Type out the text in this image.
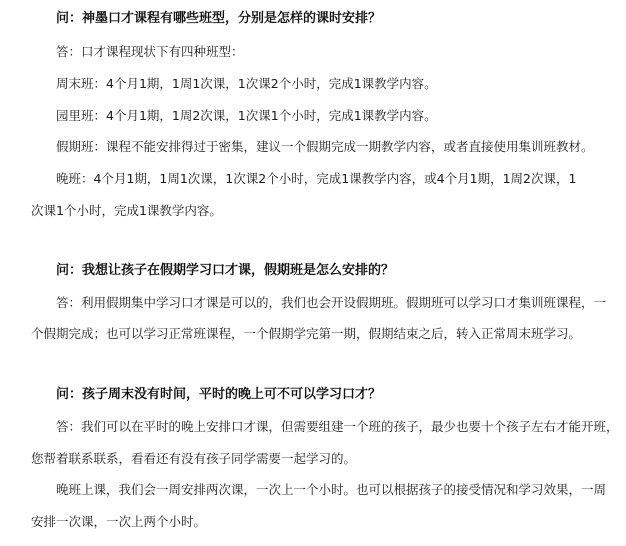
问：神墨口才课程有哪些班型，分别是怎样的课时安排？
答：口才课程现状下有四种班型：
周末班：4个月1期，1周1次课，1次课2个小时，完成1课教学内容。
园里班：4个月1期，1周2次课，1次课1个小时，完成1课教学内容。
假期班：课程不能安排得过于密集，建议一个假期完成一期教学内容，或者直接使用集训班教材。
晚班：4个月1期，1周1次课，1次课2个小时，完成1课教学内容，或4个月1期，1周2次课，1
次课1个小时，完成1课教学内容。
问：我想让孩子在假期学习口才课，假期班是怎么安排的？
答：利用假期集中学习口才课是可以的，我们也会开设假期班。假期班可以学习口才集训班课程，一
个假期完成；也可以学习正常班课程，一个假期学完第一期，假期结束之后，转入正常周末班学习。
问：孩子周末没有时间，平时的晚上可不可以学习口才？
答：我们可以在平时的晚上安排口才课，但需要组建一个班的孩子，最少也要十个孩子左右才能开班，
您帮着联系联系，看看还有没有孩子同学需要一起学习的。
晚班上课，我们会一周安排两次课，一次上一个小时。也可以根据孩子的接受情况和学习效果，一周
安排一次课，一次上两个小时。
